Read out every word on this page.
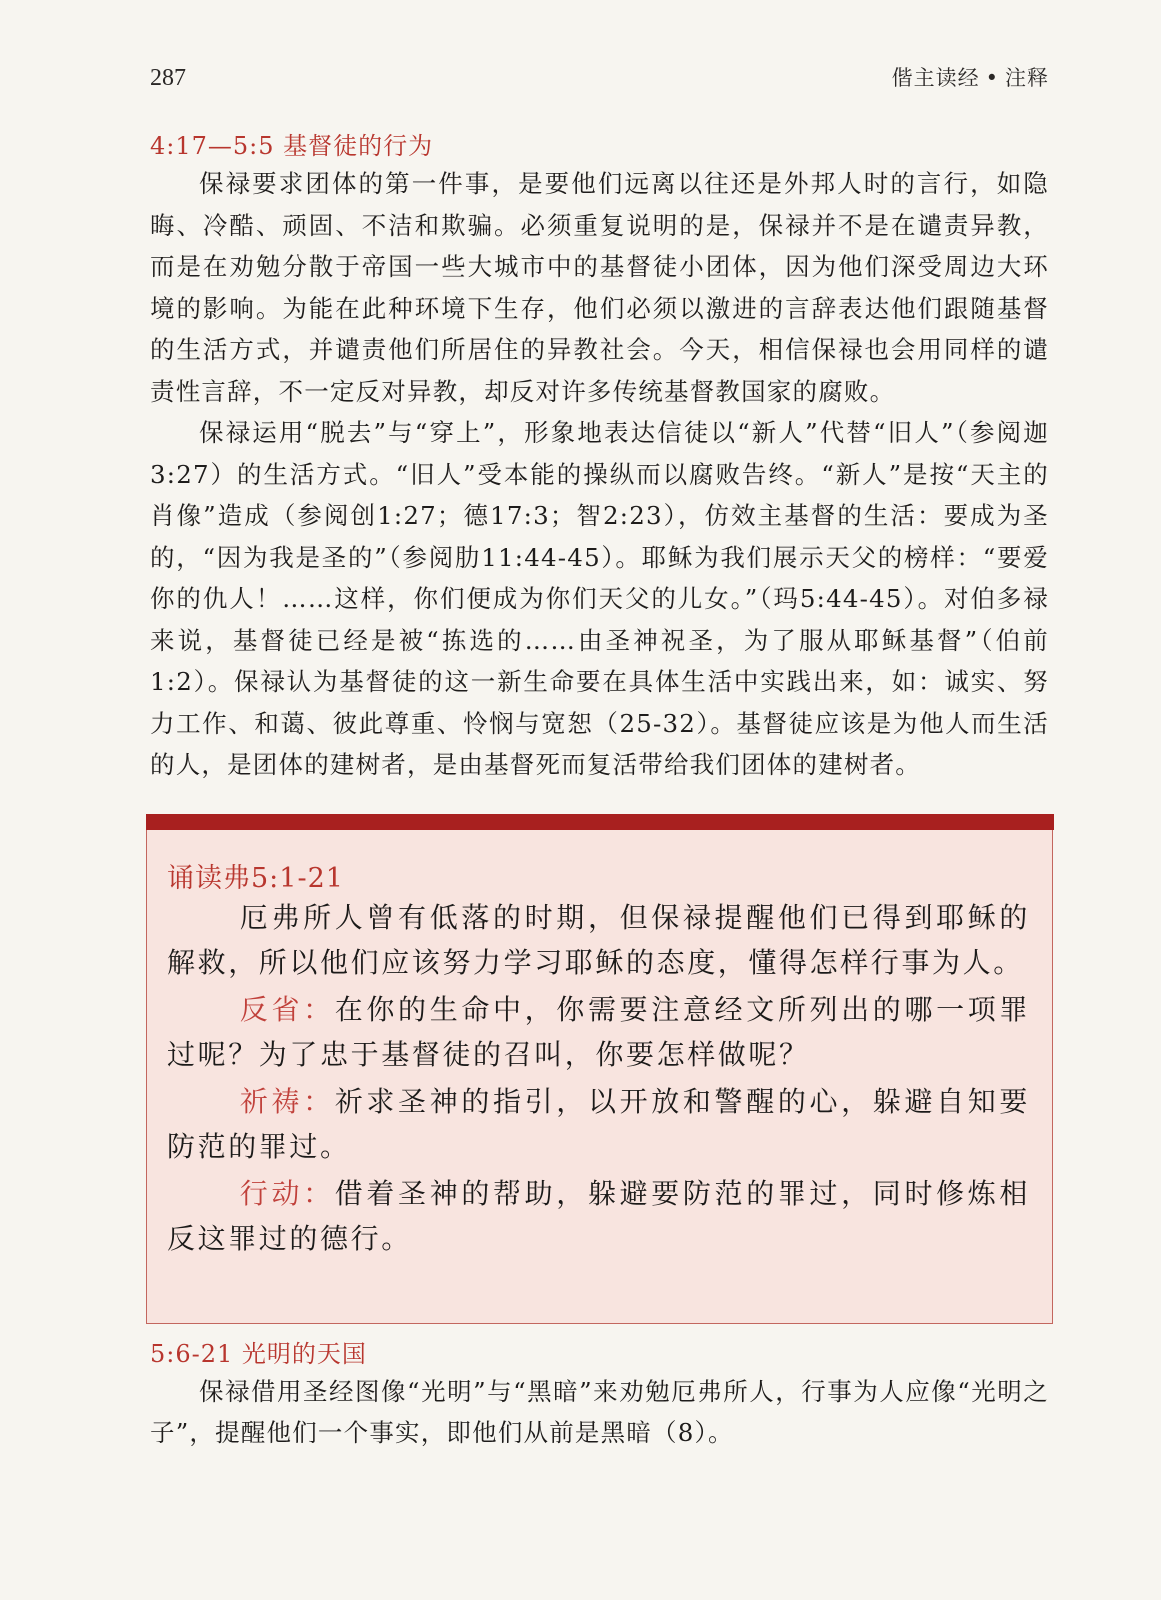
287	偕主读经 • 注释
4:17—5:5 基督徒的行为

保禄要求团体的第一件事，是要他们远离以往还是外邦人时的言行，如隐晦、冷酷、顽固、不洁和欺骗。必须重复说明的是，保禄并不是在谴责异教，而是在劝勉分散于帝国一些大城市中的基督徒小团体，因为他们深受周边大环境的影响。为能在此种环境下生存，他们必须以激进的言辞表达他们跟随基督的生活方式，并谴责他们所居住的异教社会。今天，相信保禄也会用同样的谴责性言辞，不一定反对异教，却反对许多传统基督教国家的腐败。

保禄运用“脱去”与“穿上”，形象地表达信徒以“新人”代替“旧人”（参阅迦3:27）的生活方式。“旧人”受本能的操纵而以腐败告终。“新人”是按“天主的肖像”造成（参阅创1:27；德17:3；智2:23），仿效主基督的生活：要成为圣的，“因为我是圣的”（参阅肋11:44-45）。耶稣为我们展示天父的榜样：“要爱你的仇人！……这样，你们便成为你们天父的儿女。”（玛5:44-45）。对伯多禄来说，基督徒已经是被“拣选的……由圣神祝圣，为了服从耶稣基督”（伯前1:2）。保禄认为基督徒的这一新生命要在具体生活中实践出来，如：诚实、努力工作、和蔼、彼此尊重、怜悯与宽恕（25-32）。基督徒应该是为他人而生活的人，是团体的建树者，是由基督死而复活带给我们团体的建树者。

诵读弗5:1-21

厄弗所人曾有低落的时期，但保禄提醒他们已得到耶稣的解救，所以他们应该努力学习耶稣的态度，懂得怎样行事为人。

反省：在你的生命中，你需要注意经文所列出的哪一项罪过呢？为了忠于基督徒的召叫，你要怎样做呢？

祈祷：祈求圣神的指引，以开放和警醒的心，躲避自知要防范的罪过。

行动：借着圣神的帮助，躲避要防范的罪过，同时修炼相反这罪过的德行。

5:6-21 光明的天国

保禄借用圣经图像“光明”与“黑暗”来劝勉厄弗所人，行事为人应像“光明之子”，提醒他们一个事实，即他们从前是黑暗（8）。
